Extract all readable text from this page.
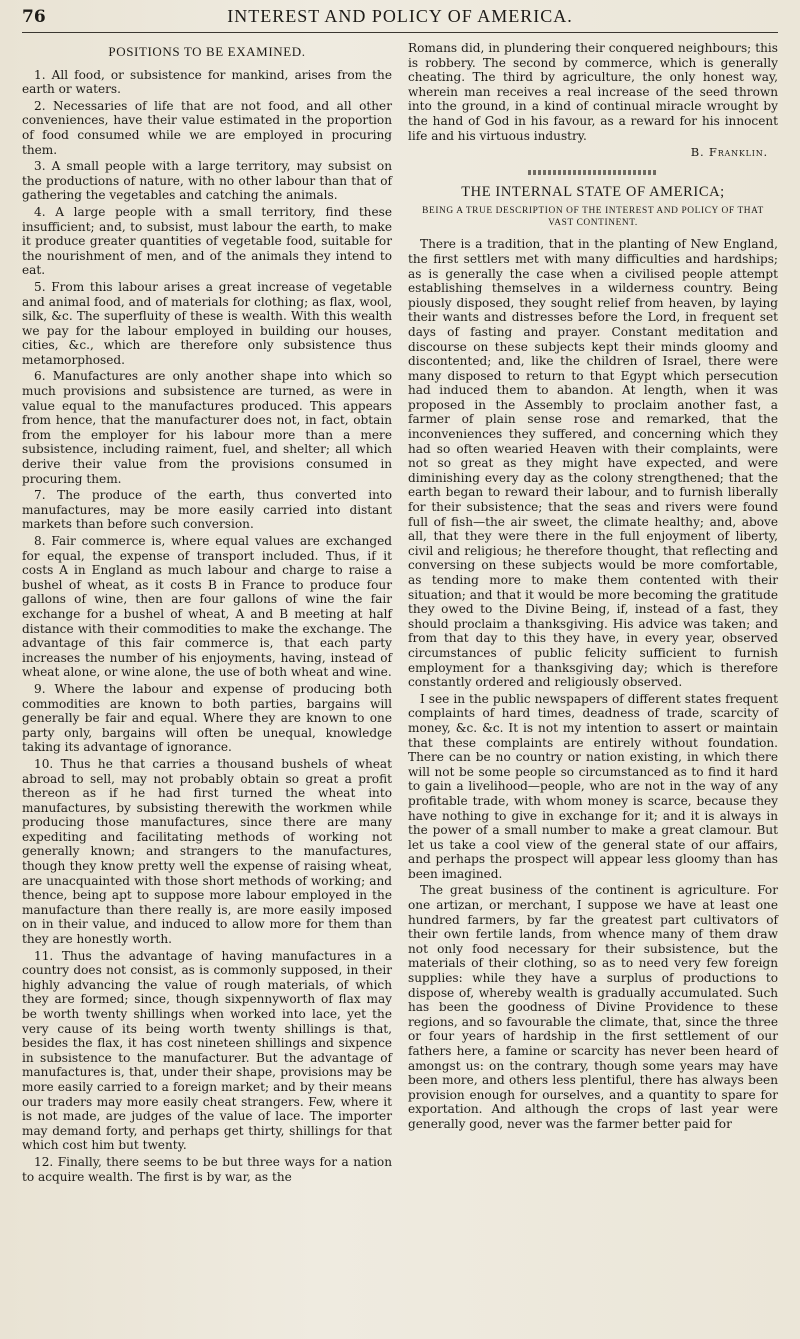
76	INTEREST AND POLICY OF AMERICA.
POSITIONS TO BE EXAMINED.

1. All food, or subsistence for mankind, arises from the earth or waters.

2. Necessaries of life that are not food, and all other conveniences, have their value estimated in the proportion of food consumed while we are employed in procuring them.

3. A small people with a large territory, may subsist on the productions of nature, with no other labour than that of gathering the vegetables and catching the animals.

4. A large people with a small territory, find these insufficient; and, to subsist, must labour the earth, to make it produce greater quantities of vegetable food, suitable for the nourishment of men, and of the animals they intend to eat.

5. From this labour arises a great increase of vegetable and animal food, and of materials for clothing; as flax, wool, silk, &c. The superfluity of these is wealth. With this wealth we pay for the labour employed in building our houses, cities, &c., which are therefore only subsistence thus metamorphosed.

6. Manufactures are only another shape into which so much provisions and subsistence are turned, as were in value equal to the manufactures produced. This appears from hence, that the manufacturer does not, in fact, obtain from the employer for his labour more than a mere subsistence, including raiment, fuel, and shelter; all which derive their value from the provisions consumed in procuring them.

7. The produce of the earth, thus converted into manufactures, may be more easily carried into distant markets than before such conversion.

8. Fair commerce is, where equal values are exchanged for equal, the expense of transport included. Thus, if it costs A in England as much labour and charge to raise a bushel of wheat, as it costs B in France to produce four gallons of wine, then are four gallons of wine the fair exchange for a bushel of wheat, A and B meeting at half distance with their commodities to make the exchange. The advantage of this fair commerce is, that each party increases the number of his enjoyments, having, instead of wheat alone, or wine alone, the use of both wheat and wine.

9. Where the labour and expense of producing both commodities are known to both parties, bargains will generally be fair and equal. Where they are known to one party only, bargains will often be unequal, knowledge taking its advantage of ignorance.

10. Thus he that carries a thousand bushels of wheat abroad to sell, may not probably obtain so great a profit thereon as if he had first turned the wheat into manufactures, by subsisting therewith the workmen while producing those manufactures, since there are many expediting and facilitating methods of working not generally known; and strangers to the manufactures, though they know pretty well the expense of raising wheat, are unacquainted with those short methods of working; and thence, being apt to suppose more labour employed in the manufacture than there really is, are more easily imposed on in their value, and induced to allow more for them than they are honestly worth.

11. Thus the advantage of having manufactures in a country does not consist, as is commonly supposed, in their highly advancing the value of rough materials, of which they are formed; since, though sixpennyworth of flax may be worth twenty shillings when worked into lace, yet the very cause of its being worth twenty shillings is that, besides the flax, it has cost nineteen shillings and sixpence in subsistence to the manufacturer. But the advantage of manufactures is, that, under their shape, provisions may be more easily carried to a foreign market; and by their means our traders may more easily cheat strangers. Few, where it is not made, are judges of the value of lace. The importer may demand forty, and perhaps get thirty, shillings for that which cost him but twenty.

12. Finally, there seems to be but three ways for a nation to acquire wealth. The first is by war, as the

Romans did, in plundering their conquered neighbours; this is robbery. The second by commerce, which is generally cheating. The third by agriculture, the only honest way, wherein man receives a real increase of the seed thrown into the ground, in a kind of continual miracle wrought by the hand of God in his favour, as a reward for his innocent life and his virtuous industry.

B. Franklin.
THE INTERNAL STATE OF AMERICA;
BEING A TRUE DESCRIPTION OF THE INTEREST AND POLICY OF THAT VAST CONTINENT.

There is a tradition, that in the planting of New England, the first settlers met with many difficulties and hardships; as is generally the case when a civilised people attempt establishing themselves in a wilderness country. Being piously disposed, they sought relief from heaven, by laying their wants and distresses before the Lord, in frequent set days of fasting and prayer. Constant meditation and discourse on these subjects kept their minds gloomy and discontented; and, like the children of Israel, there were many disposed to return to that Egypt which persecution had induced them to abandon. At length, when it was proposed in the Assembly to proclaim another fast, a farmer of plain sense rose and remarked, that the inconveniences they suffered, and concerning which they had so often wearied Heaven with their complaints, were not so great as they might have expected, and were diminishing every day as the colony strengthened; that the earth began to reward their labour, and to furnish liberally for their subsistence; that the seas and rivers were found full of fish—the air sweet, the climate healthy; and, above all, that they were there in the full enjoyment of liberty, civil and religious; he therefore thought, that reflecting and conversing on these subjects would be more comfortable, as tending more to make them contented with their situation; and that it would be more becoming the gratitude they owed to the Divine Being, if, instead of a fast, they should proclaim a thanksgiving. His advice was taken; and from that day to this they have, in every year, observed circumstances of public felicity sufficient to furnish employment for a thanksgiving day; which is therefore constantly ordered and religiously observed.

I see in the public newspapers of different states frequent complaints of hard times, deadness of trade, scarcity of money, &c. &c. It is not my intention to assert or maintain that these complaints are entirely without foundation. There can be no country or nation existing, in which there will not be some people so circumstanced as to find it hard to gain a livelihood—people, who are not in the way of any profitable trade, with whom money is scarce, because they have nothing to give in exchange for it; and it is always in the power of a small number to make a great clamour. But let us take a cool view of the general state of our affairs, and perhaps the prospect will appear less gloomy than has been imagined.

The great business of the continent is agriculture. For one artizan, or merchant, I suppose we have at least one hundred farmers, by far the greatest part cultivators of their own fertile lands, from whence many of them draw not only food necessary for their subsistence, but the materials of their clothing, so as to need very few foreign supplies: while they have a surplus of productions to dispose of, whereby wealth is gradually accumulated. Such has been the goodness of Divine Providence to these regions, and so favourable the climate, that, since the three or four years of hardship in the first settlement of our fathers here, a famine or scarcity has never been heard of amongst us: on the contrary, though some years may have been more, and others less plentiful, there has always been provision enough for ourselves, and a quantity to spare for exportation. And although the crops of last year were generally good, never was the farmer better paid for
